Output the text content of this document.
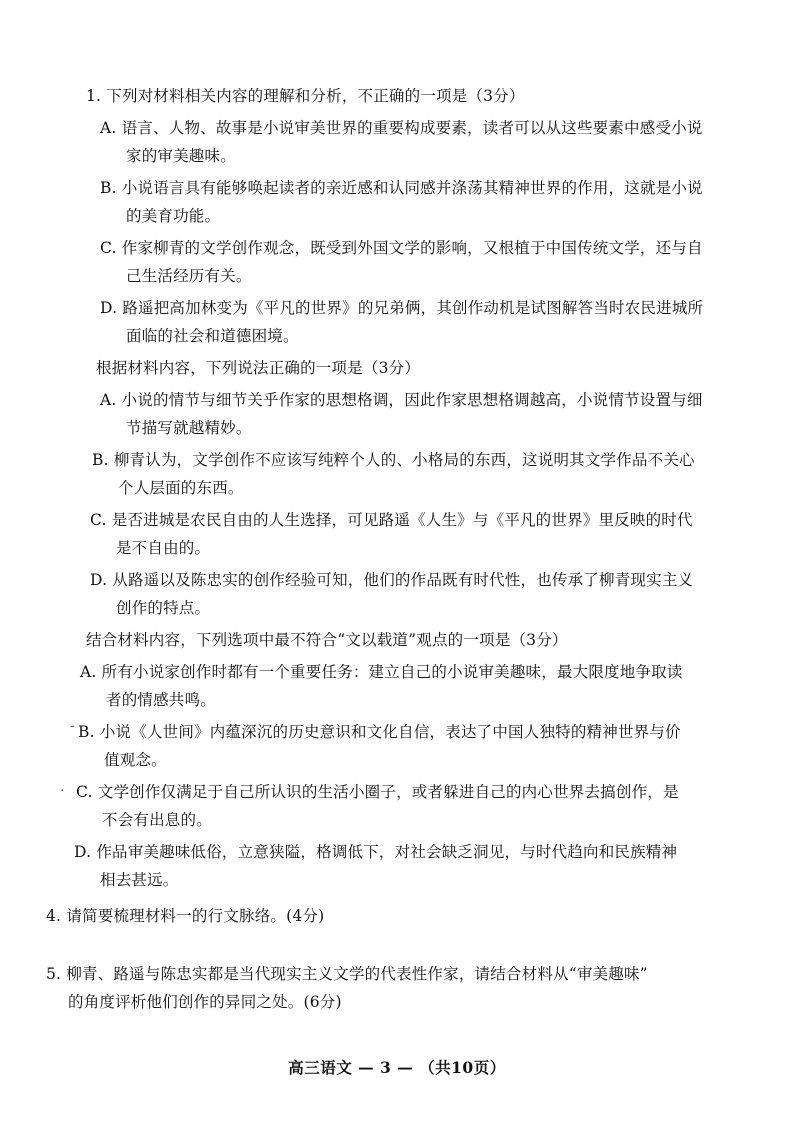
1. 下列对材料相关内容的理解和分析，不正确的一项是（3分）
A. 语言、人物、故事是小说审美世界的重要构成要素，读者可以从这些要素中感受小说
家的审美趣味。
B. 小说语言具有能够唤起读者的亲近感和认同感并涤荡其精神世界的作用，这就是小说
的美育功能。
C. 作家柳青的文学创作观念，既受到外国文学的影响，又根植于中国传统文学，还与自
己生活经历有关。
D. 路遥把高加林变为《平凡的世界》的兄弟俩，其创作动机是试图解答当时农民进城所
面临的社会和道德困境。
根据材料内容，下列说法正确的一项是（3分）
A. 小说的情节与细节关乎作家的思想格调，因此作家思想格调越高，小说情节设置与细
节描写就越精妙。
B. 柳青认为，文学创作不应该写纯粹个人的、小格局的东西，这说明其文学作品不关心
个人层面的东西。
C. 是否进城是农民自由的人生选择，可见路遥《人生》与《平凡的世界》里反映的时代
是不自由的。
D. 从路遥以及陈忠实的创作经验可知，他们的作品既有时代性，也传承了柳青现实主义
创作的特点。
结合材料内容，下列选项中最不符合“文以载道”观点的一项是（3分）
A. 所有小说家创作时都有一个重要任务：建立自己的小说审美趣味，最大限度地争取读
者的情感共鸣。
B. 小说《人世间》内蕴深沉的历史意识和文化自信，表达了中国人独特的精神世界与价
值观念。
C. 文学创作仅满足于自己所认识的生活小圈子，或者躲进自己的内心世界去搞创作，是
不会有出息的。
D. 作品审美趣味低俗，立意狭隘，格调低下，对社会缺乏洞见，与时代趋向和民族精神
相去甚远。
4. 请简要梳理材料一的行文脉络。(4分)
5. 柳青、路遥与陈忠实都是当代现实主义文学的代表性作家，请结合材料从“审美趣味”
的角度评析他们创作的异同之处。(6分)
高三语文 — 3 — （共10页）
-
·
